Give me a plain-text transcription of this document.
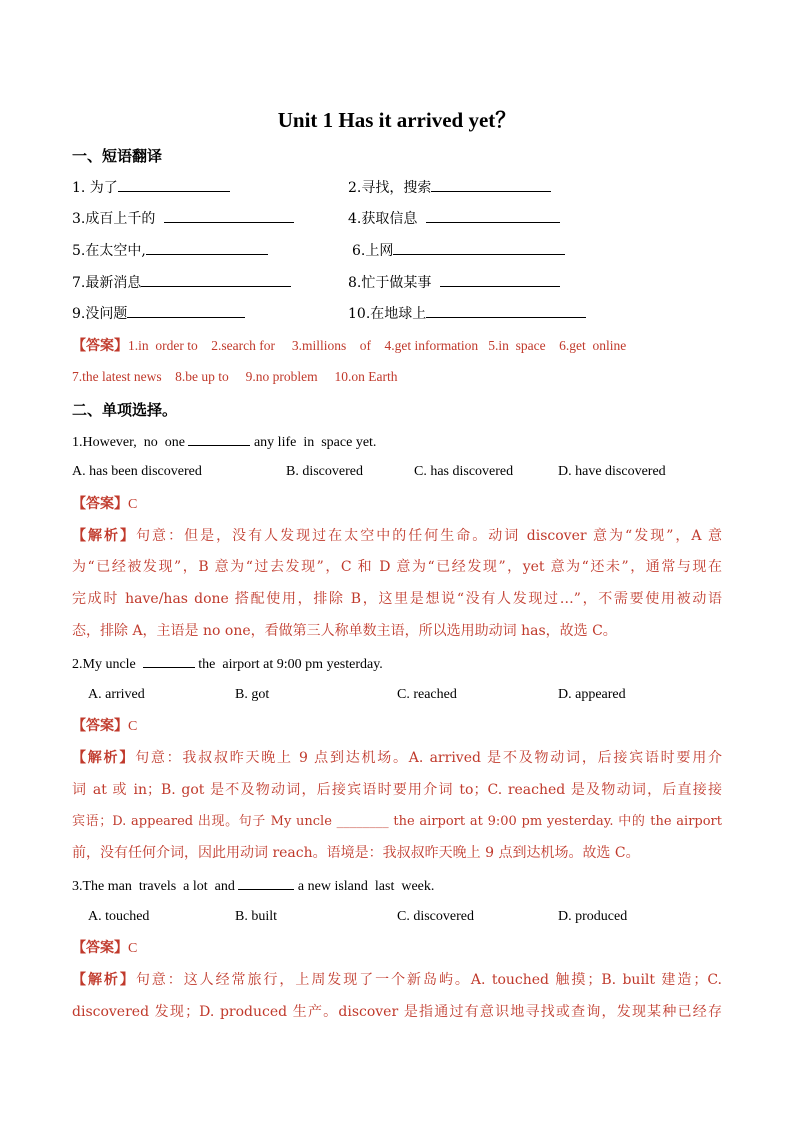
Unit 1 Has it arrived yet？
一、短语翻译
1. 为了	2.寻找，搜索
3.成百上千的	4.获取信息
5.在太空中,	6.上网
7.最新消息	8.忙于做某事
9.没问题	10.在地球上
【答案】1.in  order to    2.search for     3.millions    of    4.get information   5.in  space    6.get  online
7.the latest news    8.be up to     9.no problem     10.on Earth
二、单项选择。
1.However,  no  one	any life  in  space yet.
A. has been discovered	B. discovered	C. has discovered	D. have discovered
【答案】C
【解析】句意：但是，没有人发现过在太空中的任何生命。动词 discover 意为“发现”，A 意
为“已经被发现”，B 意为“过去发现”，C 和 D 意为“已经发现”，yet 意为“还未”，通常与现在
完成时 have/has done 搭配使用，排除 B，这里是想说“没有人发现过…”，不需要使用被动语
态，排除 A，主语是 no one，看做第三人称单数主语，所以选用助动词 has，故选 C。
2.My uncle	the  airport at 9:00 pm yesterday.
A. arrived	B. got	C. reached	D. appeared
【答案】C
【解析】句意：我叔叔昨天晚上 9 点到达机场。A. arrived 是不及物动词，后接宾语时要用介
词 at 或 in；B. got 是不及物动词，后接宾语时要用介词 to；C. reached 是及物动词，后直接接
宾语；D. appeared 出现。句子 My uncle ________ the airport at 9:00 pm yesterday. 中的 the airport
前，没有任何介词，因此用动词 reach。语境是：我叔叔昨天晚上 9 点到达机场。故选 C。
3.The man  travels  a lot  and	a new island  last  week.
A. touched	B. built	C. discovered	D. produced
【答案】C
【解析】句意：这人经常旅行，上周发现了一个新岛屿。A. touched 触摸；B. built 建造；C.
discovered 发现；D. produced 生产。discover 是指通过有意识地寻找或查询，发现某种已经存
